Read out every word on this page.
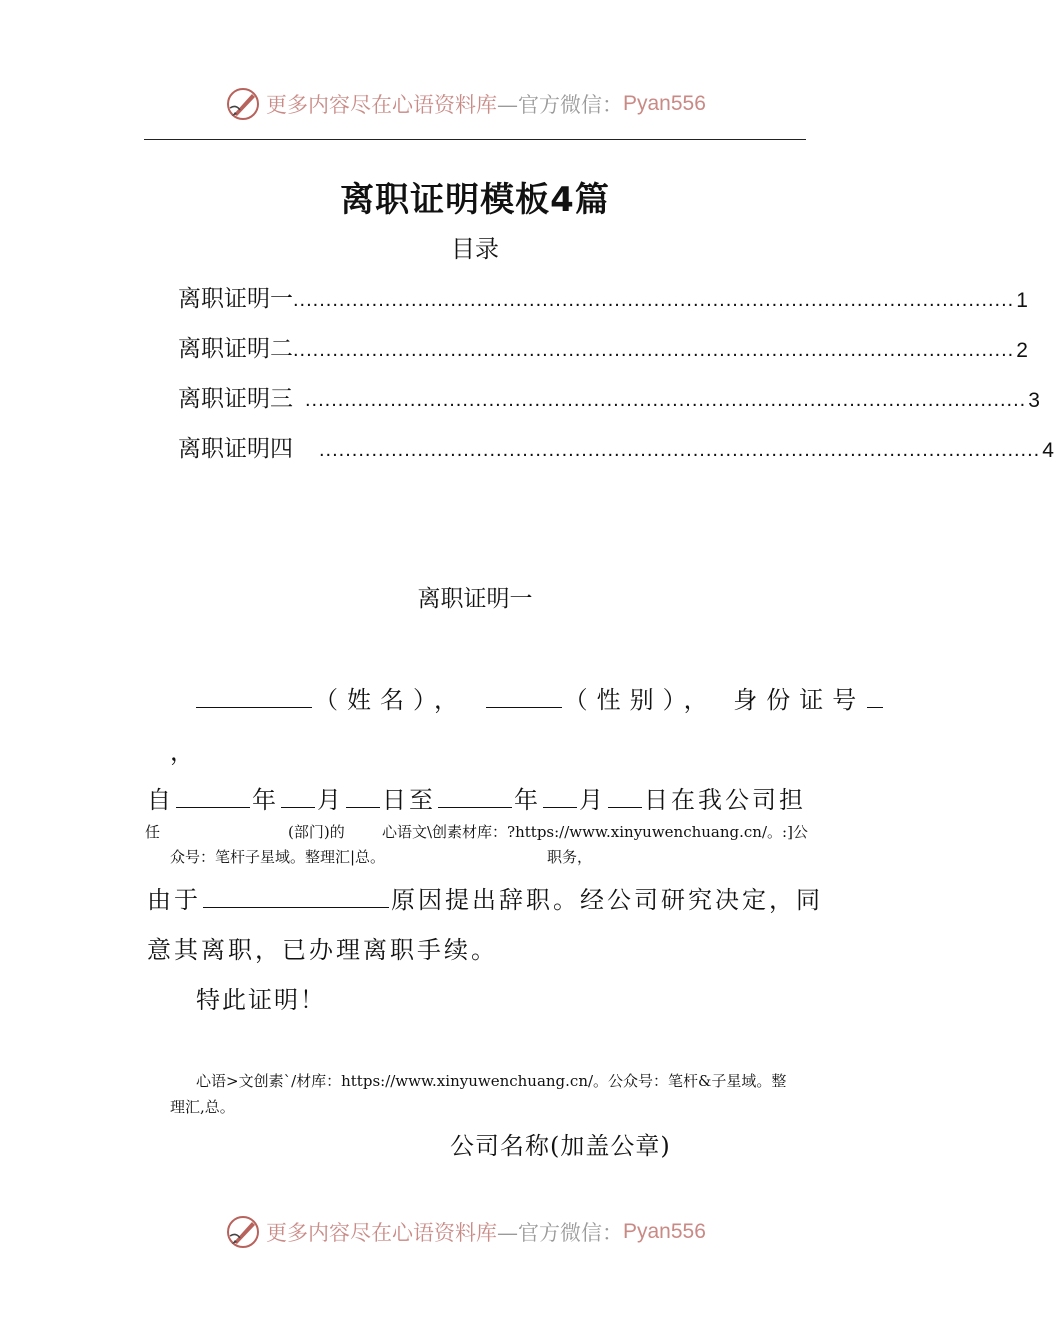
更多内容尽在心语资料库 —官方微信： Pyan556
离职证明模板4篇
目录
离职证明一 .............................................................................................................. 1
离职证明二 .............................................................................................................. 2
离职证明三 .............................................................................................................. 3
离职证明四 .............................................................................................................. 4
离职证明一
（姓名），	（性别）， 身份证号
，
自	年 月 日至	年 月 日在我公司担
任	(部门)的 心语文\创素材库：?https://www.xinyuwenchuang.cn/。:]公
众号：笔杆子星域。整理汇|总。	职务，
由于	原因提出辞职。经公司研究决定，同
意其离职，已办理离职手续。
特此证明！
心语>文创素`/材库：https://www.xinyuwenchuang.cn/。公众号：笔杆&子星域。整
理汇,总。
公司名称(加盖公章)
更多内容尽在心语资料库 —官方微信： Pyan556
